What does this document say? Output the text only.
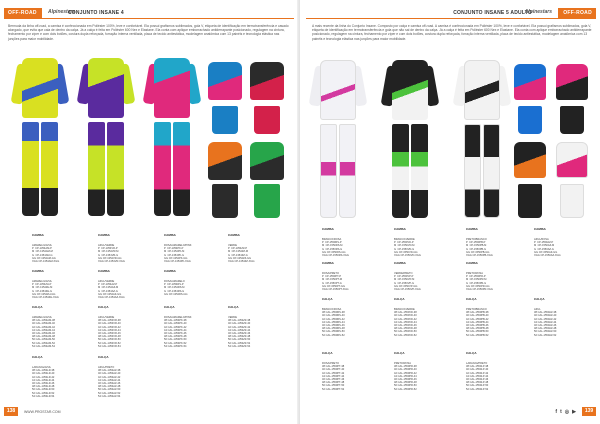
OFF-ROAD	Alpinestars
CONJUNTO INSANE 4
Bermuda da linha off-road, a camisa é confeccionada em Poliéster 100%, leve e confortável. Ela possui grafismos sublimados, gola V, etiqueta de identificação em termotransferência e casado alongado, que evita que caia de dentro da calça. Já a calça é feita em Poliéster 600 Nex e Elastane. Ela conta com aplique emborrachado antiderrapante posicionado, regulagem na cintura, fechamento por zíper e com dois botões, costura dupla reforçada, forração interna ventilada, placa de tecido antiestática, modelagem anatômica com 13 painéis e tecnologia elástica nas junções para maior mobilidade.

CAMISA

AMARELO/AZUL
P  CP-1354AM-P
M  CP-1354AM-M
G  CP-1354AM-G
GG CP-1354AM-GG
XGG CP-1354AM-XGG

CAMISA

AZUL/VERDE
P  CP-1354VR-P
M  CP-1354VR-M
G  CP-1354VR-G
GG CP-1354VR-GG
XGG CP-1354VR-XGG

CAMISA

ROSA/AMARELO/PINK
P  CP-1354PK-P
M  CP-1354PK-M
G  CP-1354PK-G
GG CP-1354PK-GG
XGG CP-1354PK-XGG

CAMISA

VERDE
P  CP-1354ZZ-P
M  CP-1354ZZ-M
G  CP-1354ZZ-G
GG CP-1354ZZ-GG
XGG CP-1354ZZ-XGG

CAMISA

AMARELO/AZUL
P  CP-1354ZH-P
M  CP-1354ZH-M
G  CP-1354ZH-G
GG CP-1354ZH-GG
XGG CP-1354ZH-XGG

CAMISA

AZUL/VERDE
P  CP-1354AZ-P
M  CP-1354AZ-M
G  CP-1354AZ-G
GG CP-1354AZ-GG
XGG CP-1354AZ-XGG

CAMISA

ROSA/AMARELO
P  CP-1354RS-P
M  CP-1354RS-M
G  CP-1354RS-G
GG CP-1354RS-GG

CALÇA

AMARELO/AZUL
38 CAL-1354AM-38
40 CAL-1354AM-40
42 CAL-1354AM-42
44 CAL-1354AM-44
46 CAL-1354AM-46
48 CAL-1354AM-48
50 CAL-1354AM-50
52 CAL-1354AM-52
54 CAL-1354AM-54

CALÇA

AZUL/VERDE
38 CAL-1354VR-38
40 CAL-1354VR-40
42 CAL-1354VR-42
44 CAL-1354VR-44
46 CAL-1354VR-46
48 CAL-1354VR-48
50 CAL-1354VR-50
52 CAL-1354VR-52
54 CAL-1354VR-54

CALÇA

ROSA/AMARELO/PINK
38 CAL-1354PK-38
40 CAL-1354PK-40
42 CAL-1354PK-42
44 CAL-1354PK-44
46 CAL-1354PK-46
48 CAL-1354PK-48
50 CAL-1354PK-50
52 CAL-1354PK-52
54 CAL-1354PK-54

CALÇA

VERDE
38 CAL-1354ZZ-38
40 CAL-1354ZZ-40
42 CAL-1354ZZ-42
44 CAL-1354ZZ-44
46 CAL-1354ZZ-46
48 CAL-1354ZZ-48
50 CAL-1354ZZ-50
52 CAL-1354ZZ-52
54 CAL-1354ZZ-54

CALÇA

LARANJA/AZUL
38 CAL-1354LR-38
40 CAL-1354LR-40
42 CAL-1354LR-42
44 CAL-1354LR-44
46 CAL-1354LR-46
48 CAL-1354LR-48
50 CAL-1354LR-50
52 CAL-1354LR-52
54 CAL-1354LR-54

CALÇA

AZUL/PRETO
38 CAL-1354AZ-38
40 CAL-1354AZ-40
42 CAL-1354AZ-42
44 CAL-1354AZ-44
46 CAL-1354AZ-46
48 CAL-1354AZ-48
50 CAL-1354AZ-50
52 CAL-1354AZ-52
54 CAL-1354AZ-54

138	WWW.PROSTAR.COM
CONJUNTO INSANE 5 ADULTO
Alpinestars	OFF-ROAD
A mais recente da linha do Conjunto Insane. Composto por calça e camisa off-road. A camisa é confeccionada em Poliéster 100%, leve e confortável. Ela possui grafismos sublimados, gola V, etiqueta de identificação em termotransferência e gola que não sai de dentro da calça. Já a calça é feita em Poliéster 600 Nex e Elastane. Ela conta com aplique emborrachado antiderrapante posicionado, regulagem na cintura, fechamento por zíper e com dois botões, costura dupla reforçada, forração interna ventilada, placa de tecido antiestática, modelagem anatômica com 13 painéis e tecnologia elástica nas junções para maior mobilidade.

CAMISA

BRANCO/ROSA
P  CP-1550RS-P
M  CP-1550RS-M
G  CP-1550RS-G
GG CP-1550RS-GG
XGG CP-1550RS-XGG

CAMISA

BRANCO/VERDE
P  CP-1550VD-P
M  CP-1550VD-M
G  CP-1550VD-G
GG CP-1550VD-GG
XGG CP-1550VD-XGG

CAMISA

PRETO/BRANCO
P  CP-1550PB-P
M  CP-1550PB-M
G  CP-1550PB-G
GG CP-1550PB-GG
XGG CP-1550PB-XGG

CAMISA

AZUL/ROSA
P  CP-1550AZ-P
M  CP-1550AZ-M
G  CP-1550AZ-G
GG CP-1550AZ-GG
XGG CP-1550AZ-XGG

CAMISA

ROSA/PRETO
P  CP-1550PT-P
M  CP-1550PT-M
G  CP-1550PT-G
GG CP-1550PT-GG
XGG CP-1550PT-XGG

CAMISA

VERDE/PRETO
P  CP-1550VP-P
M  CP-1550VP-M
G  CP-1550VP-G
GG CP-1550VP-GG
XGG CP-1550VP-XGG

CAMISA

PRETO/ROSA
P  CP-1550PR-P
M  CP-1550PR-M
G  CP-1550PR-G
GG CP-1550PR-GG
XGG CP-1550PR-XGG

CALÇA

BRANCO/ROSA
38 CAL-1550RS-38
40 CAL-1550RS-40
42 CAL-1550RS-42
44 CAL-1550RS-44
46 CAL-1550RS-46
48 CAL-1550RS-48
50 CAL-1550RS-50
52 CAL-1550RS-52

CALÇA

BRANCO/VERDE
38 CAL-1550VD-38
40 CAL-1550VD-40
42 CAL-1550VD-42
44 CAL-1550VD-44
46 CAL-1550VD-46
48 CAL-1550VD-48
50 CAL-1550VD-50
52 CAL-1550VD-52

CALÇA

PRETO/BRANCO
38 CAL-1550PB-38
40 CAL-1550PB-40
42 CAL-1550PB-42
44 CAL-1550PB-44
46 CAL-1550PB-46
48 CAL-1550PB-48
50 CAL-1550PB-50
52 CAL-1550PB-52

CALÇA

AZUL
38 CAL-1550AZ-38
40 CAL-1550AZ-40
42 CAL-1550AZ-42
44 CAL-1550AZ-44
46 CAL-1550AZ-46
48 CAL-1550AZ-48
50 CAL-1550AZ-50
52 CAL-1550AZ-52

CALÇA

ROSA/PRETO
38 CAL-1550PT-38
40 CAL-1550PT-40
42 CAL-1550PT-42
44 CAL-1550PT-44
46 CAL-1550PT-46
48 CAL-1550PT-48
50 CAL-1550PT-50
52 CAL-1550PT-52

CALÇA

PRETO/ROSA
38 CAL-1550PR-38
40 CAL-1550PR-40
42 CAL-1550PR-42
44 CAL-1550PR-44
46 CAL-1550PR-46
48 CAL-1550PR-48
50 CAL-1550PR-50
52 CAL-1550PR-52

CALÇA

LARANJA/PRETO
38 CAL-1550LP-38
40 CAL-1550LP-40
42 CAL-1550LP-42
44 CAL-1550LP-44
46 CAL-1550LP-46
48 CAL-1550LP-48
50 CAL-1550LP-50
52 CAL-1550LP-52

f t ◎ ▶	139
